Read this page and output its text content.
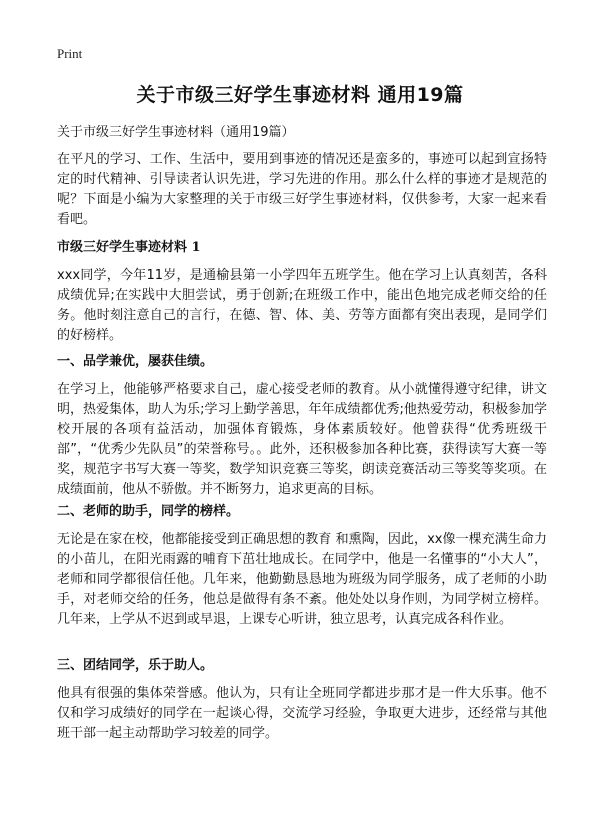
Print
关于市级三好学生事迹材料 通用19篇

关于市级三好学生事迹材料（通用19篇）

在平凡的学习、工作、生活中，要用到事迹的情况还是蛮多的，事迹可以起到宣扬特定的时代精神、引导读者认识先进，学习先进的作用。那么什么样的事迹才是规范的呢？下面是小编为大家整理的关于市级三好学生事迹材料，仅供参考，大家一起来看看吧。

市级三好学生事迹材料 1

xxx同学，今年11岁，是通榆县第一小学四年五班学生。他在学习上认真刻苦，各科成绩优异;在实践中大胆尝试，勇于创新;在班级工作中，能出色地完成老师交给的任务。他时刻注意自己的言行，在德、智、体、美、劳等方面都有突出表现，是同学们的好榜样。

一、品学兼优，屡获佳绩。

在学习上，他能够严格要求自己，虚心接受老师的教育。从小就懂得遵守纪律，讲文明，热爱集体，助人为乐;学习上勤学善思，年年成绩都优秀;他热爱劳动，积极参加学校开展的各项有益活动，加强体育锻炼，身体素质较好。他曾获得“优秀班级干部”，“优秀少先队员”的荣誉称号。。此外，还积极参加各种比赛，获得读写大赛一等奖，规范字书写大赛一等奖，数学知识竞赛三等奖，朗读竞赛活动三等奖等奖项。在成绩面前，他从不骄傲。并不断努力，追求更高的目标。

二、老师的助手，同学的榜样。

无论是在家在校，他都能接受到正确思想的教育 和熏陶，因此，xx像一棵充满生命力的小苗儿，在阳光雨露的哺育下茁壮地成长。在同学中，他是一名懂事的“小大人”，老师和同学都很信任他。几年来，他勤勤恳恳地为班级为同学服务，成了老师的小助手，对老师交给的任务，他总是做得有条不紊。他处处以身作则，为同学树立榜样。几年来，上学从不迟到或早退，上课专心听讲，独立思考，认真完成各科作业。

三、团结同学，乐于助人。

他具有很强的集体荣誉感。他认为，只有让全班同学都进步那才是一件大乐事。他不仅和学习成绩好的同学在一起谈心得，交流学习经验，争取更大进步，还经常与其他班干部一起主动帮助学习较差的同学。
